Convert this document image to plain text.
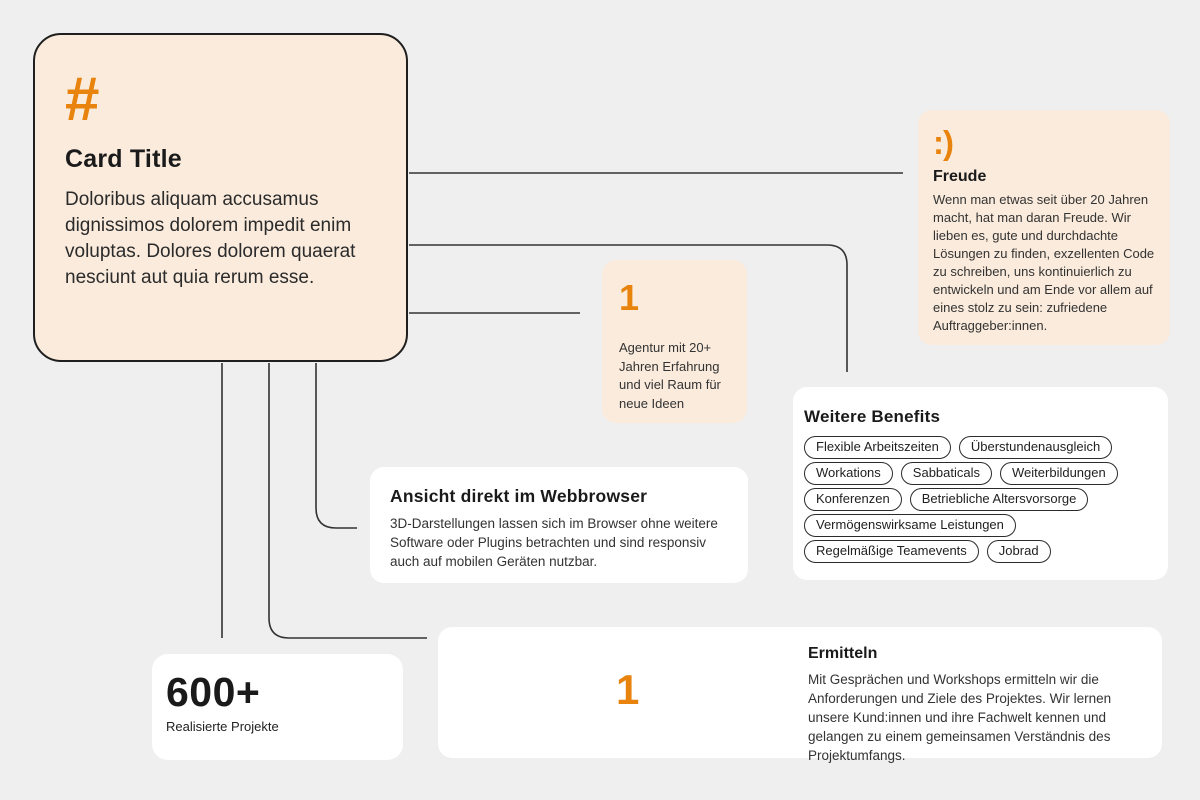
#
Card Title
Doloribus aliquam accusamus dignissimos dolorem impedit enim voluptas. Dolores dolorem quaerat nesciunt aut quia rerum esse.
:)
Freude
Wenn man etwas seit über 20 Jahren macht, hat man daran Freude. Wir lieben es, gute und durchdachte Lösungen zu finden, exzellenten Code zu schreiben, uns kontinuierlich zu entwickeln und am Ende vor allem auf eines stolz zu sein: zufriedene Auftraggeber:innen.
1
Agentur mit 20+ Jahren Erfahrung und viel Raum für neue Ideen
Weitere Benefits
Flexible Arbeitszeiten	Überstundenausgleich
Workations	Sabbaticals	Weiterbildungen
Konferenzen	Betriebliche Altersvorsorge
Vermögenswirksame Leistungen
Regelmäßige Teamevents	Jobrad
Ansicht direkt im Webbrowser
3D-Darstellungen lassen sich im Browser ohne weitere Software oder Plugins betrachten und sind responsiv auch auf mobilen Geräten nutzbar.
600+
Realisierte Projekte
1
Ermitteln
Mit Gesprächen und Workshops ermitteln wir die Anforderungen und Ziele des Projektes. Wir lernen unsere Kund:innen und ihre Fachwelt kennen und gelangen zu einem gemeinsamen Verständnis des Projektumfangs.
